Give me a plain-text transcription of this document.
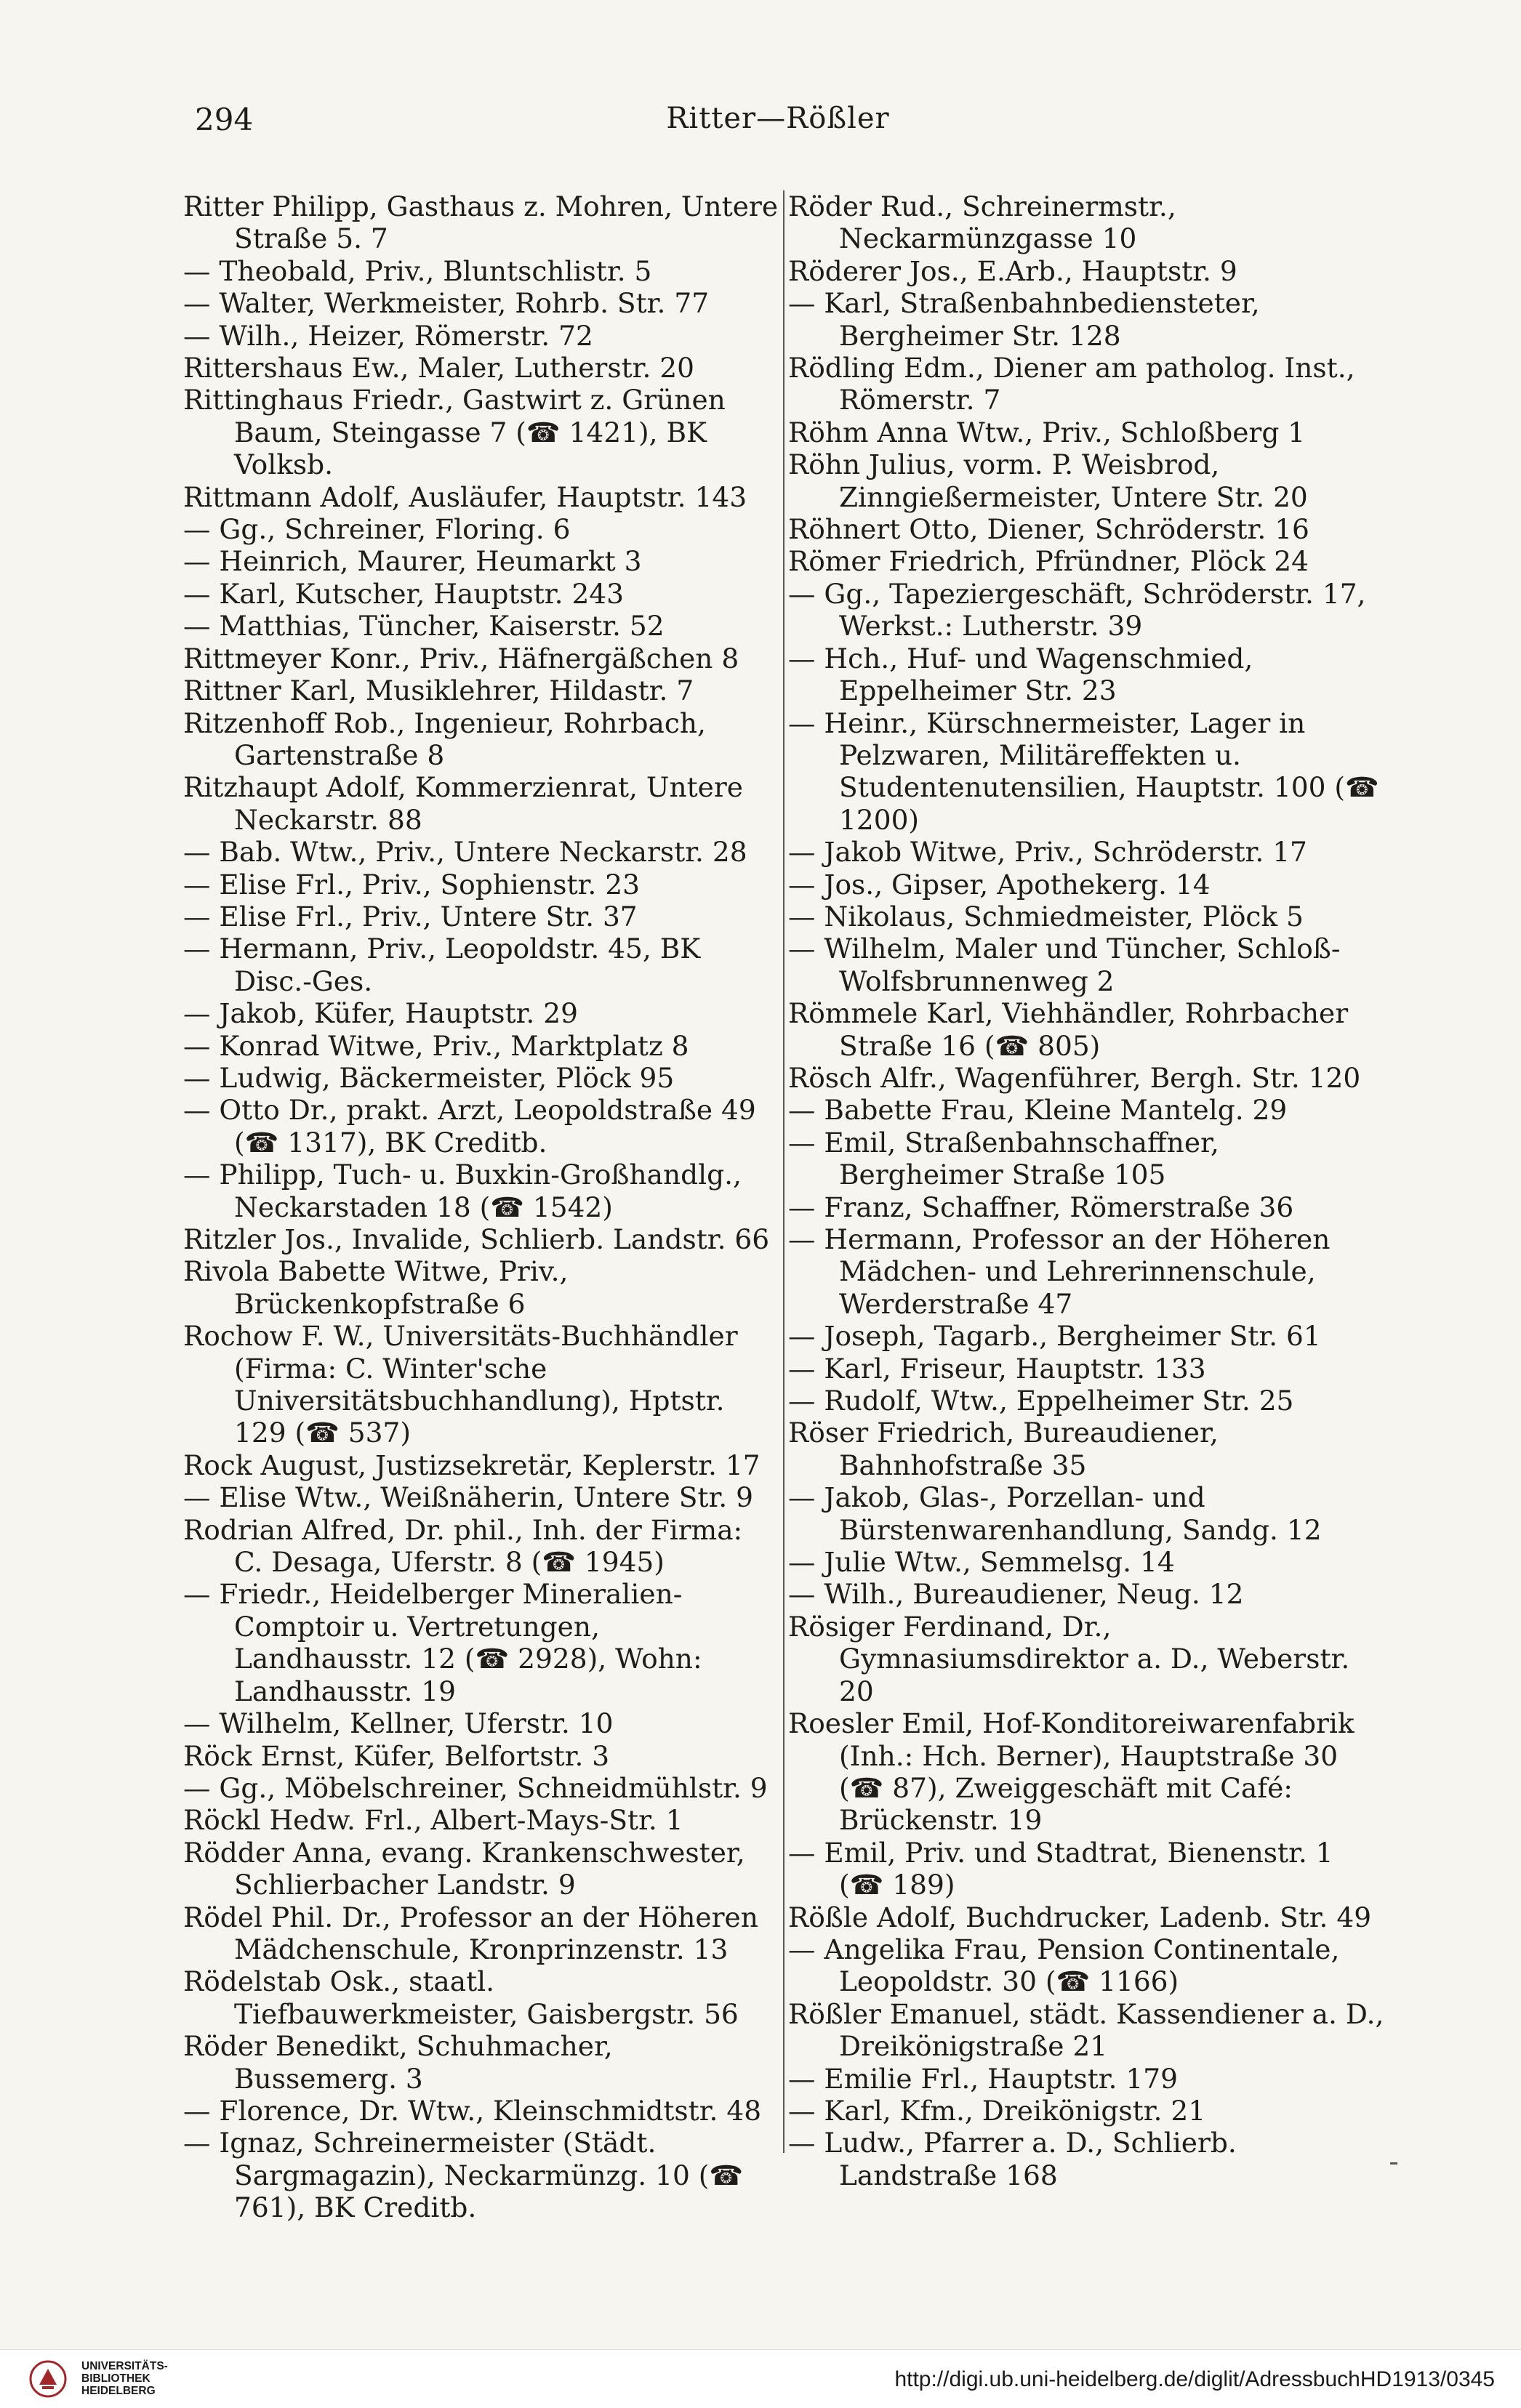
294	Ritter—Rößler

Ritter Philipp, Gasthaus z. Mohren, Untere Straße 5. 7

— Theobald, Priv., Bluntschlistr. 5

— Walter, Werkmeister, Rohrb. Str. 77

— Wilh., Heizer, Römerstr. 72

Rittershaus Ew., Maler, Lutherstr. 20

Rittinghaus Friedr., Gastwirt z. Grünen Baum, Steingasse 7 (☎ 1421), BK Volksb.

Rittmann Adolf, Ausläufer, Hauptstr. 143

— Gg., Schreiner, Floring. 6

— Heinrich, Maurer, Heumarkt 3

— Karl, Kutscher, Hauptstr. 243

— Matthias, Tüncher, Kaiserstr. 52

Rittmeyer Konr., Priv., Häfnergäßchen 8

Rittner Karl, Musiklehrer, Hildastr. 7

Ritzenhoff Rob., Ingenieur, Rohrbach, Gartenstraße 8

Ritzhaupt Adolf, Kommerzienrat, Untere Neckarstr. 88

— Bab. Wtw., Priv., Untere Neckarstr. 28

— Elise Frl., Priv., Sophienstr. 23

— Elise Frl., Priv., Untere Str. 37

— Hermann, Priv., Leopoldstr. 45, BK Disc.-Ges.

— Jakob, Küfer, Hauptstr. 29

— Konrad Witwe, Priv., Marktplatz 8

— Ludwig, Bäckermeister, Plöck 95

— Otto Dr., prakt. Arzt, Leopoldstraße 49 (☎ 1317), BK Creditb.

— Philipp, Tuch- u. Buxkin-Großhandlg., Neckarstaden 18 (☎ 1542)

Ritzler Jos., Invalide, Schlierb. Landstr. 66

Rivola Babette Witwe, Priv., Brückenkopfstraße 6

Rochow F. W., Universitäts-Buchhändler (Firma: C. Winter'sche Universitätsbuchhandlung), Hptstr. 129 (☎ 537)

Rock August, Justizsekretär, Keplerstr. 17

— Elise Wtw., Weißnäherin, Untere Str. 9

Rodrian Alfred, Dr. phil., Inh. der Firma: C. Desaga, Uferstr. 8 (☎ 1945)

— Friedr., Heidelberger Mineralien-Comptoir u. Vertretungen, Landhausstr. 12 (☎ 2928), Wohn: Landhausstr. 19

— Wilhelm, Kellner, Uferstr. 10

Röck Ernst, Küfer, Belfortstr. 3

— Gg., Möbelschreiner, Schneidmühlstr. 9

Röckl Hedw. Frl., Albert-Mays-Str. 1

Rödder Anna, evang. Krankenschwester, Schlierbacher Landstr. 9

Rödel Phil. Dr., Professor an der Höheren Mädchenschule, Kronprinzenstr. 13

Rödelstab Osk., staatl. Tiefbauwerkmeister, Gaisbergstr. 56

Röder Benedikt, Schuhmacher, Bussemerg. 3

— Florence, Dr. Wtw., Kleinschmidtstr. 48

— Ignaz, Schreinermeister (Städt. Sargmagazin), Neckarmünzg. 10 (☎ 761), BK Creditb.

Röder Rud., Schreinermstr., Neckarmünzgasse 10

Röderer Jos., E.Arb., Hauptstr. 9

— Karl, Straßenbahnbediensteter, Bergheimer Str. 128

Rödling Edm., Diener am patholog. Inst., Römerstr. 7

Röhm Anna Wtw., Priv., Schloßberg 1

Röhn Julius, vorm. P. Weisbrod, Zinngießermeister, Untere Str. 20

Röhnert Otto, Diener, Schröderstr. 16

Römer Friedrich, Pfründner, Plöck 24

— Gg., Tapeziergeschäft, Schröderstr. 17, Werkst.: Lutherstr. 39

— Hch., Huf- und Wagenschmied, Eppelheimer Str. 23

— Heinr., Kürschnermeister, Lager in Pelzwaren, Militäreffekten u. Studentenutensilien, Hauptstr. 100 (☎ 1200)

— Jakob Witwe, Priv., Schröderstr. 17

— Jos., Gipser, Apothekerg. 14

— Nikolaus, Schmiedmeister, Plöck 5

— Wilhelm, Maler und Tüncher, Schloß-Wolfsbrunnenweg 2

Römmele Karl, Viehhändler, Rohrbacher Straße 16 (☎ 805)

Rösch Alfr., Wagenführer, Bergh. Str. 120

— Babette Frau, Kleine Mantelg. 29

— Emil, Straßenbahnschaffner, Bergheimer Straße 105

— Franz, Schaffner, Römerstraße 36

— Hermann, Professor an der Höheren Mädchen- und Lehrerinnenschule, Werderstraße 47

— Joseph, Tagarb., Bergheimer Str. 61

— Karl, Friseur, Hauptstr. 133

— Rudolf, Wtw., Eppelheimer Str. 25

Röser Friedrich, Bureaudiener, Bahnhofstraße 35

— Jakob, Glas-, Porzellan- und Bürstenwarenhandlung, Sandg. 12

— Julie Wtw., Semmelsg. 14

— Wilh., Bureaudiener, Neug. 12

Rösiger Ferdinand, Dr., Gymnasiumsdirektor a. D., Weberstr. 20

Roesler Emil, Hof-Konditoreiwarenfabrik (Inh.: Hch. Berner), Hauptstraße 30 (☎ 87), Zweiggeschäft mit Café: Brückenstr. 19

— Emil, Priv. und Stadtrat, Bienenstr. 1 (☎ 189)

Rößle Adolf, Buchdrucker, Ladenb. Str. 49

— Angelika Frau, Pension Continentale, Leopoldstr. 30 (☎ 1166)

Rößler Emanuel, städt. Kassendiener a. D., Dreikönigstraße 21

— Emilie Frl., Hauptstr. 179

— Karl, Kfm., Dreikönigstr. 21

— Ludw., Pfarrer a. D., Schlierb. Landstraße 168

UNIVERSITÄTS-
BIBLIOTHEK
HEIDELBERG	http://digi.ub.uni-heidelberg.de/diglit/AdressbuchHD1913/0345
